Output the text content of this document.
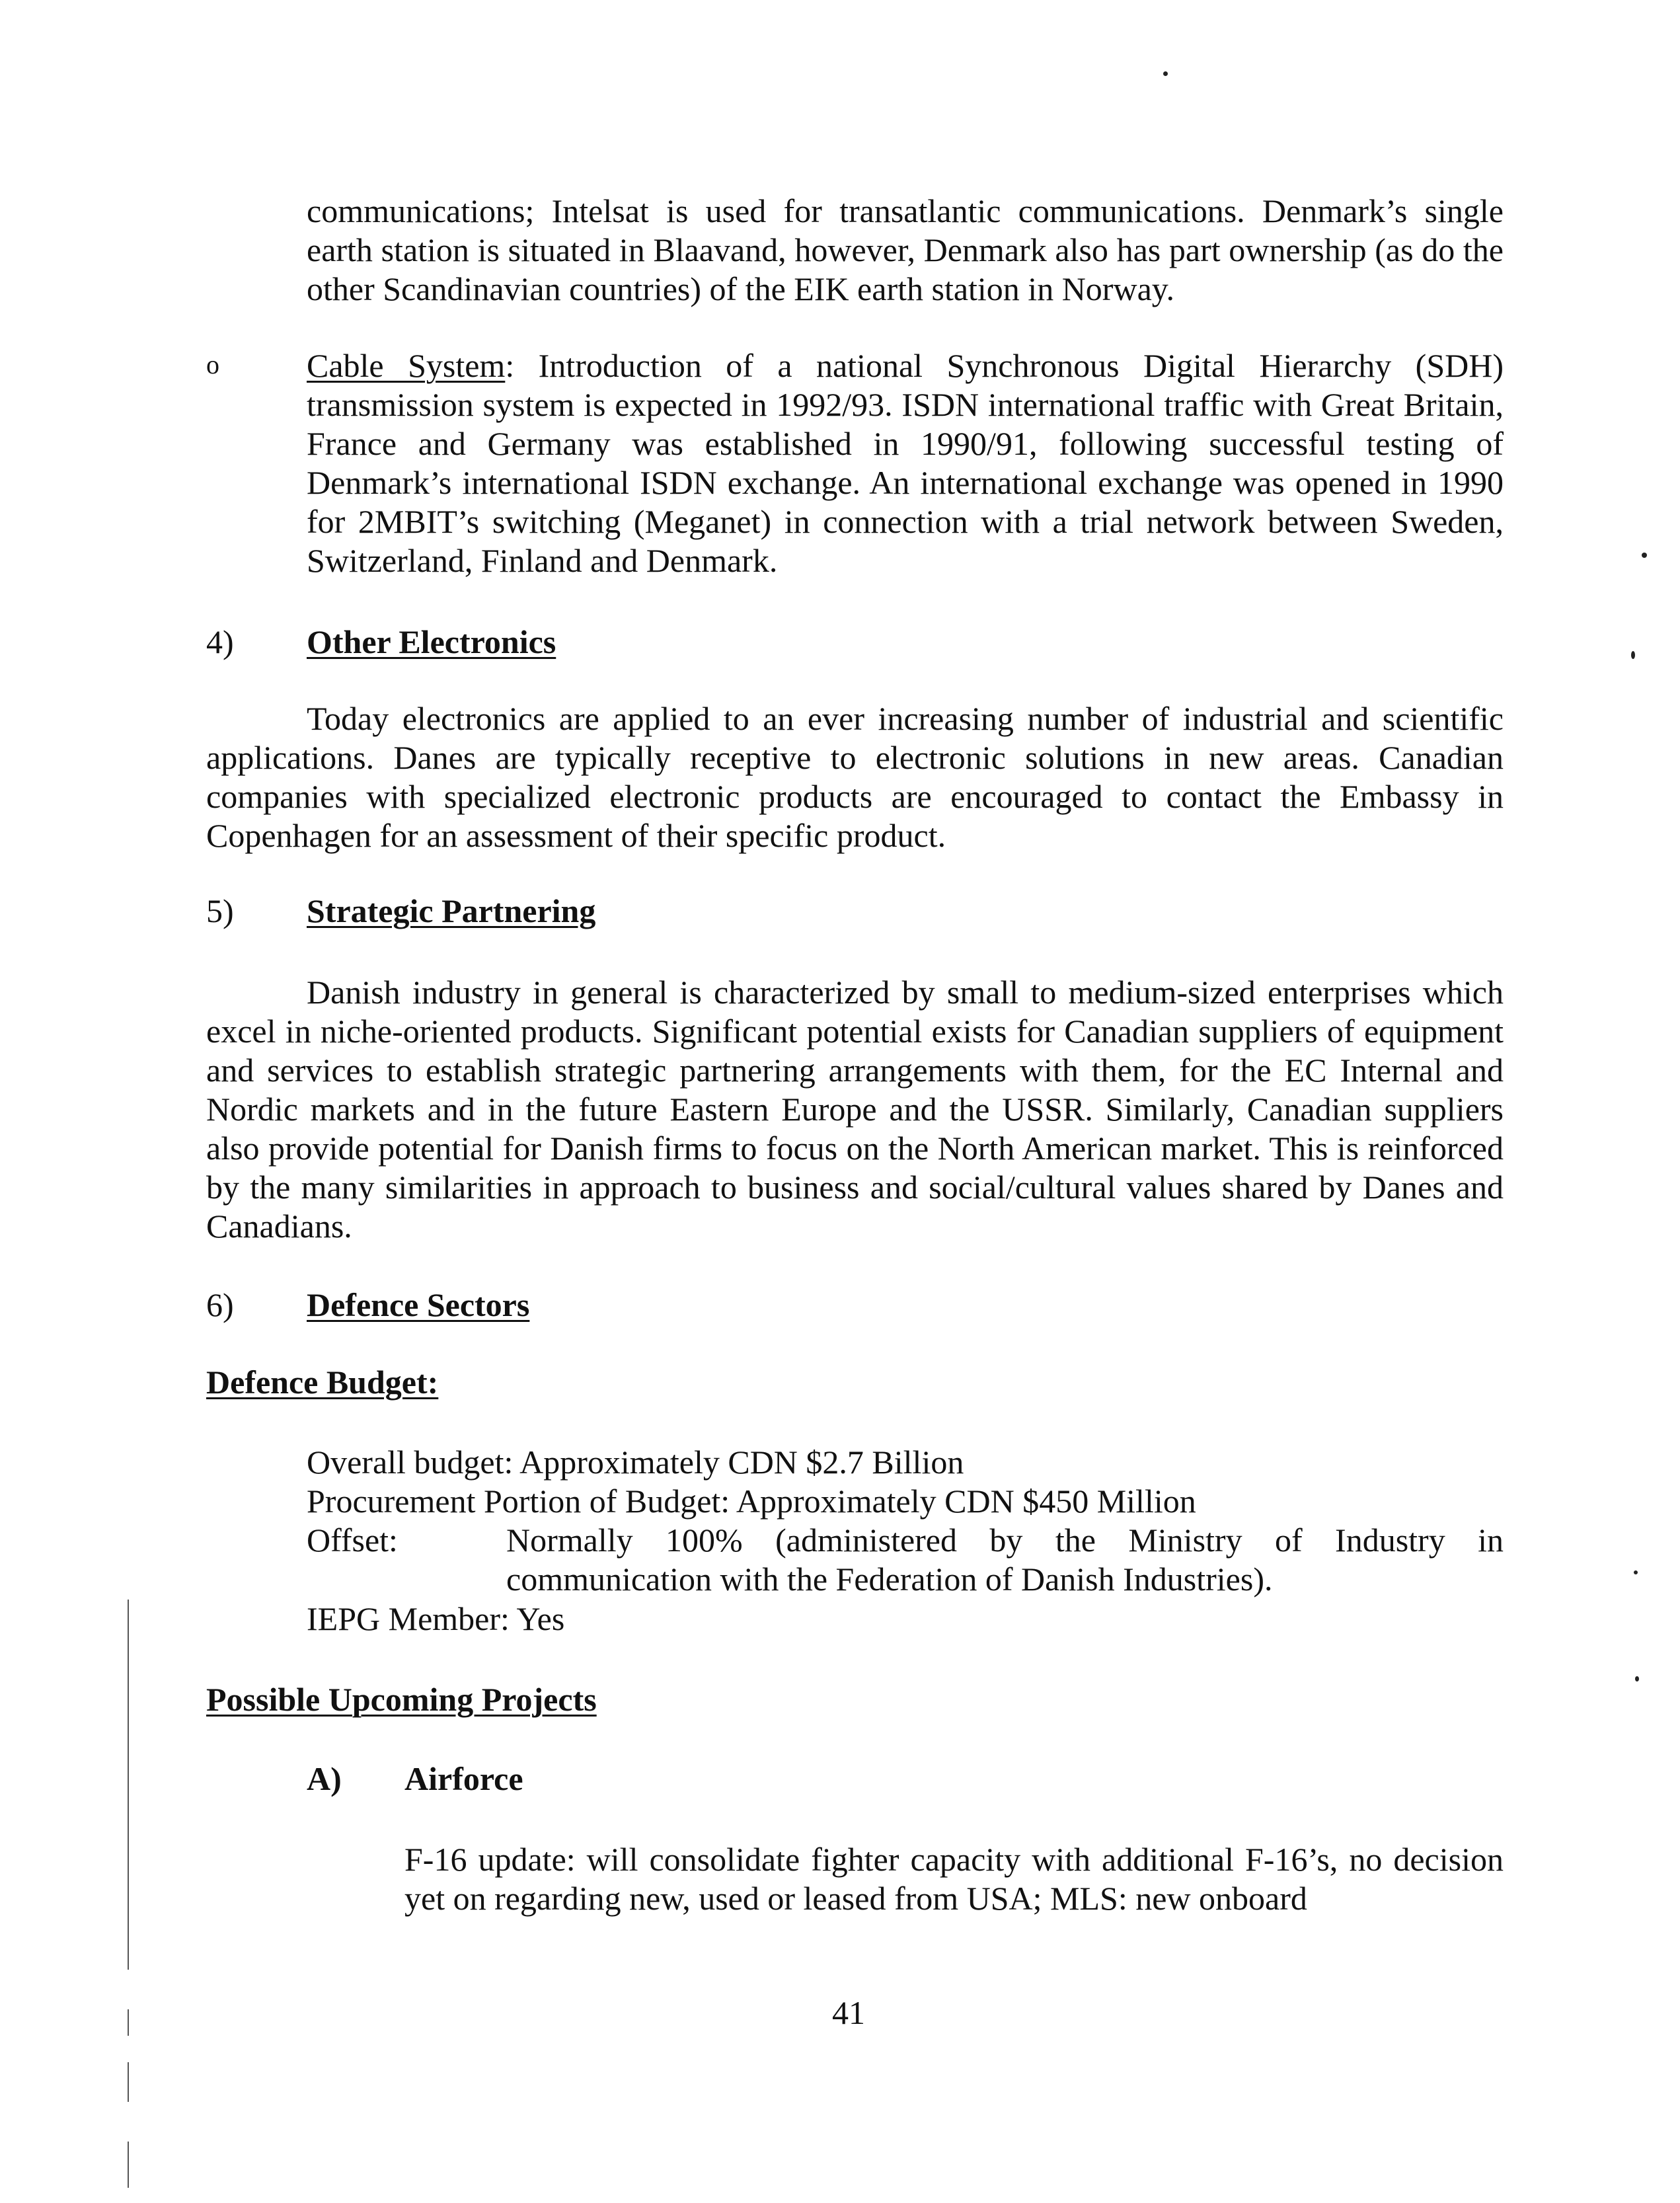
communications; Intelsat is used for transatlantic communications. Denmark’s single earth station is situated in Blaavand, however, Denmark also has part ownership (as do the other Scandinavian countries) of the EIK earth station in Norway.

o	Cable System: Introduction of a national Synchronous Digital Hierarchy (SDH) transmission system is expected in 1992/93. ISDN international traffic with Great Britain, France and Germany was established in 1990/91, following successful testing of Denmark’s international ISDN exchange. An international exchange was opened in 1990 for 2MBIT’s switching (Meganet) in connection with a trial network between Sweden, Switzerland, Finland and Denmark.

4) Other Electronics

Today electronics are applied to an ever increasing number of industrial and scientific applications. Danes are typically receptive to electronic solutions in new areas. Canadian companies with specialized electronic products are encouraged to contact the Embassy in Copenhagen for an assessment of their specific product.

5) Strategic Partnering

Danish industry in general is characterized by small to medium-sized enterprises which excel in niche-oriented products. Significant potential exists for Canadian suppliers of equipment and services to establish strategic partnering arrangements with them, for the EC Internal and Nordic markets and in the future Eastern Europe and the USSR. Similarly, Canadian suppliers also provide potential for Danish firms to focus on the North American market. This is reinforced by the many similarities in approach to business and social/cultural values shared by Danes and Canadians.

6) Defence Sectors
Defence Budget:
Overall budget: Approximately CDN $2.7 Billion
Procurement Portion of Budget: Approximately CDN $450 Million
Offset:	Normally 100% (administered by the Ministry of Industry in communication with the Federation of Danish Industries).

IEPG Member: Yes
Possible Upcoming Projects
A) Airforce

F-16 update: will consolidate fighter capacity with additional F-16’s, no decision yet on regarding new, used or leased from USA; MLS: new onboard

41
